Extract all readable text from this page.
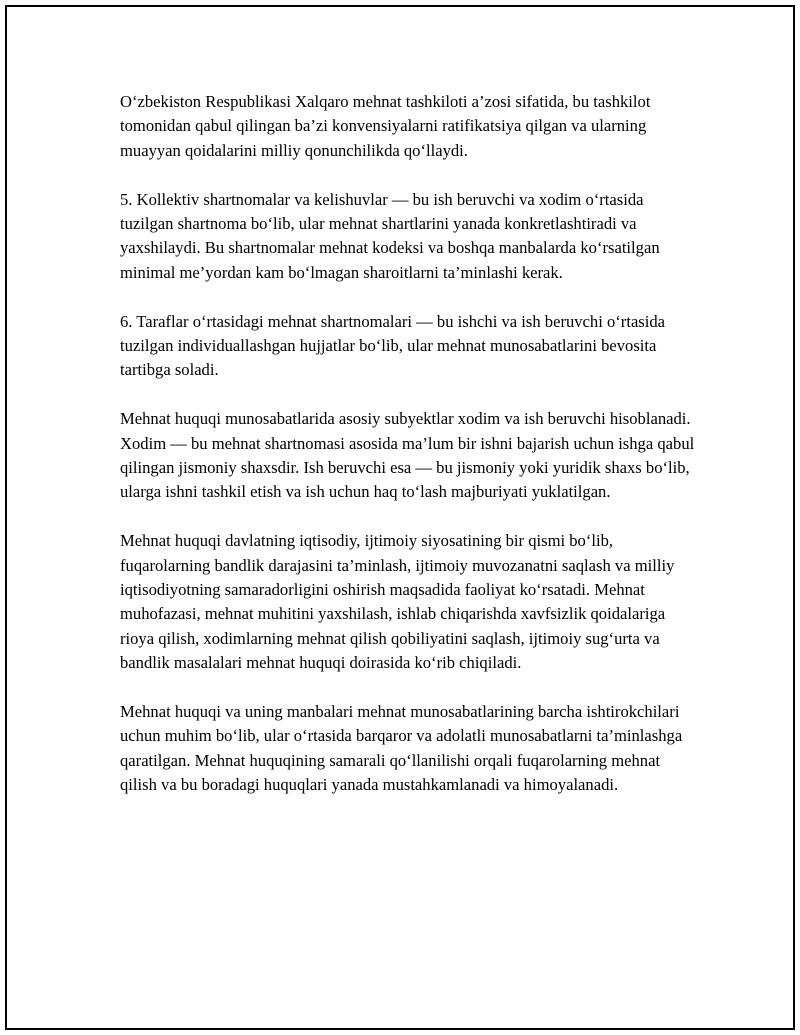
O‘zbekiston Respublikasi Xalqaro mehnat tashkiloti a’zosi sifatida, bu tashkilot tomonidan qabul qilingan ba’zi konvensiyalarni ratifikatsiya qilgan va ularning muayyan qoidalarini milliy qonunchilikda qo‘llaydi.

5. Kollektiv shartnomalar va kelishuvlar — bu ish beruvchi va xodim o‘rtasida tuzilgan shartnoma bo‘lib, ular mehnat shartlarini yanada konkretlashtiradi va yaxshilaydi. Bu shartnomalar mehnat kodeksi va boshqa manbalarda ko‘rsatilgan minimal me’yordan kam bo‘lmagan sharoitlarni ta’minlashi kerak.

6. Taraflar o‘rtasidagi mehnat shartnomalari — bu ishchi va ish beruvchi o‘rtasida tuzilgan individuallashgan hujjatlar bo‘lib, ular mehnat munosabatlarini bevosita tartibga soladi.

Mehnat huquqi munosabatlarida asosiy subyektlar xodim va ish beruvchi hisoblanadi. Xodim — bu mehnat shartnomasi asosida ma’lum bir ishni bajarish uchun ishga qabul qilingan jismoniy shaxsdir. Ish beruvchi esa — bu jismoniy yoki yuridik shaxs bo‘lib, ularga ishni tashkil etish va ish uchun haq to‘lash majburiyati yuklatilgan.

Mehnat huquqi davlatning iqtisodiy, ijtimoiy siyosatining bir qismi bo‘lib, fuqarolarning bandlik darajasini ta’minlash, ijtimoiy muvozanatni saqlash va milliy iqtisodiyotning samaradorligini oshirish maqsadida faoliyat ko‘rsatadi. Mehnat muhofazasi, mehnat muhitini yaxshilash, ishlab chiqarishda xavfsizlik qoidalariga rioya qilish, xodimlarning mehnat qilish qobiliyatini saqlash, ijtimoiy sug‘urta va bandlik masalalari mehnat huquqi doirasida ko‘rib chiqiladi.

Mehnat huquqi va uning manbalari mehnat munosabatlarining barcha ishtirokchilari uchun muhim bo‘lib, ular o‘rtasida barqaror va adolatli munosabatlarni ta’minlashga qaratilgan. Mehnat huquqining samarali qo‘llanilishi orqali fuqarolarning mehnat qilish va bu boradagi huquqlari yanada mustahkamlanadi va himoyalanadi.
